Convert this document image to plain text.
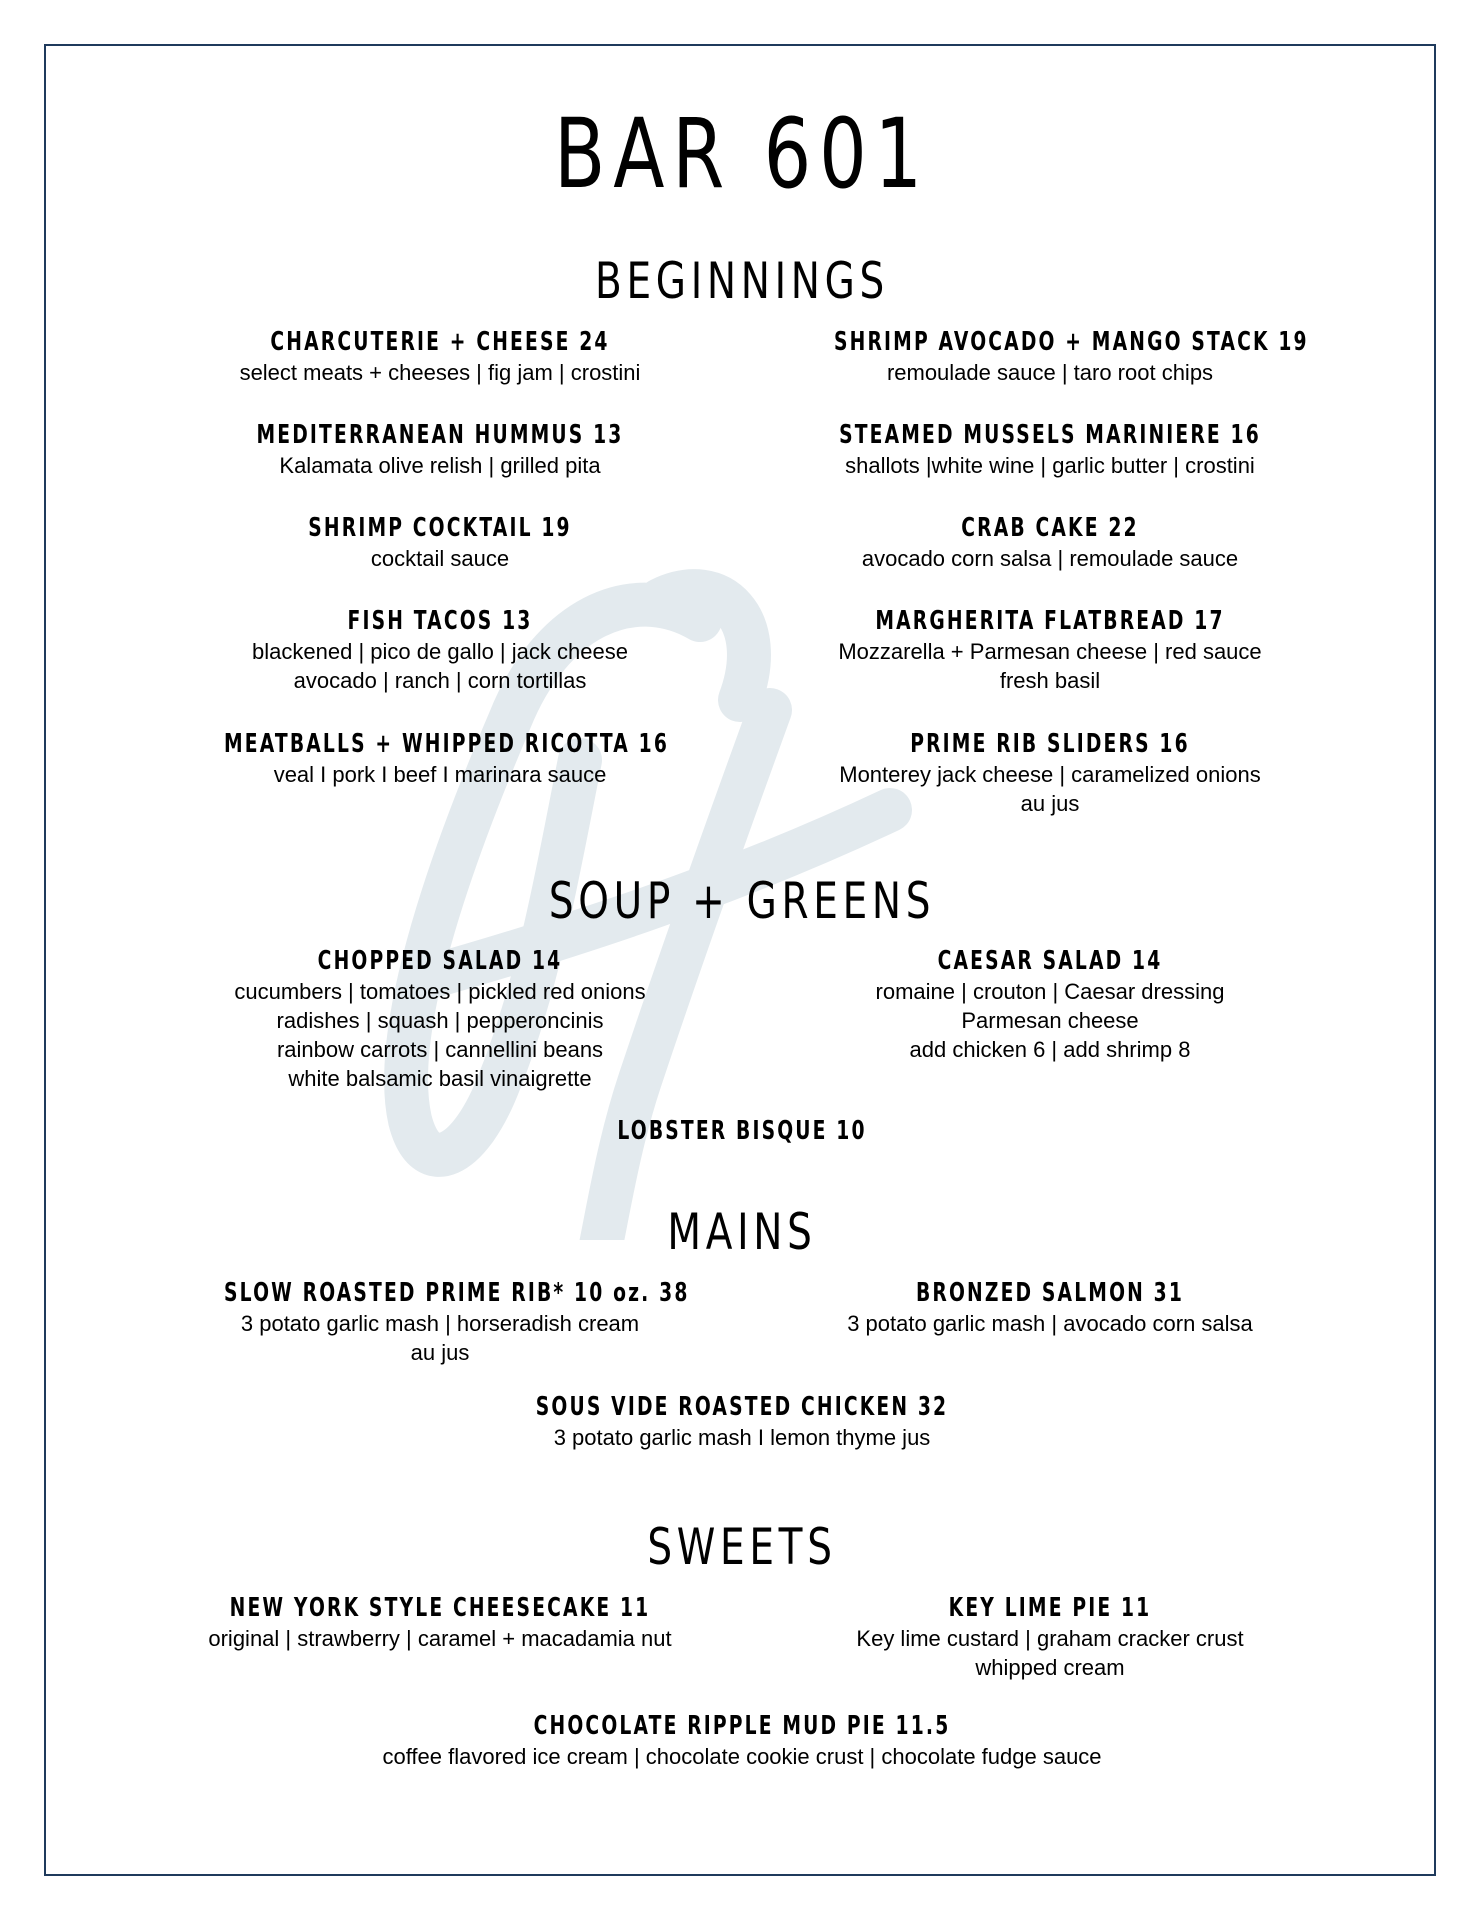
BAR 601
BEGINNINGS
CHARCUTERIE + CHEESE 24
select meats + cheeses | fig jam | crostini
MEDITERRANEAN HUMMUS 13
Kalamata olive relish | grilled pita
SHRIMP COCKTAIL 19
cocktail sauce
FISH TACOS 13
blackened | pico de gallo | jack cheese
avocado | ranch | corn tortillas
MEATBALLS + WHIPPED RICOTTA 16
veal I pork I beef I marinara sauce
SHRIMP AVOCADO + MANGO STACK 19
remoulade sauce | taro root chips
STEAMED MUSSELS MARINIERE 16
shallots |white wine | garlic butter | crostini
CRAB CAKE 22
avocado corn salsa | remoulade sauce
MARGHERITA FLATBREAD 17
Mozzarella + Parmesan cheese | red sauce
fresh basil
PRIME RIB SLIDERS 16
Monterey jack cheese | caramelized onions
au jus
SOUP + GREENS
CHOPPED SALAD 14
cucumbers | tomatoes | pickled red onions
radishes | squash | pepperoncinis
rainbow carrots | cannellini beans
white balsamic basil vinaigrette
CAESAR SALAD 14
romaine | crouton | Caesar dressing
Parmesan cheese
add chicken 6 | add shrimp 8
LOBSTER BISQUE 10
MAINS
SLOW ROASTED PRIME RIB* 10 oz. 38
3 potato garlic mash | horseradish cream
au jus
BRONZED SALMON 31
3 potato garlic mash | avocado corn salsa
SOUS VIDE ROASTED CHICKEN 32
3 potato garlic mash I lemon thyme jus
SWEETS
NEW YORK STYLE CHEESECAKE 11
original | strawberry | caramel + macadamia nut
KEY LIME PIE 11
Key lime custard | graham cracker crust
whipped cream
CHOCOLATE RIPPLE MUD PIE 11.5
coffee flavored ice cream | chocolate cookie crust | chocolate fudge sauce
